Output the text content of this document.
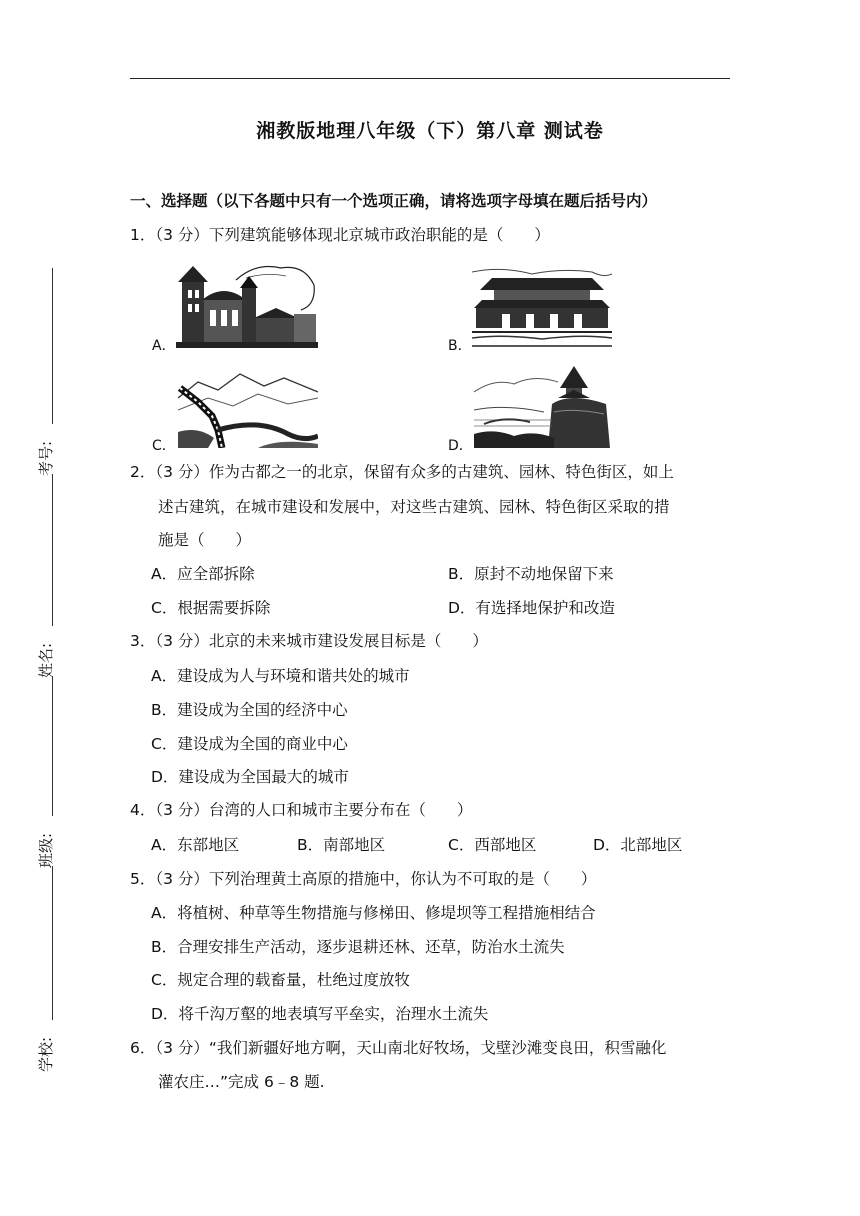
湘教版地理八年级（下）第八章 测试卷
一、选择题（以下各题中只有一个选项正确，请将选项字母填在题后括号内）
考号:
姓名:
班级:
学校:
1．（3 分）下列建筑能够体现北京城市政治职能的是（　　）
A．	B．
C．	D．
2．（3 分）作为古都之一的北京，保留有众多的古建筑、园林、特色街区，如上
述古建筑，在城市建设和发展中，对这些古建筑、园林、特色街区采取的措
施是（　　）
A．应全部拆除	B．原封不动地保留下来
C．根据需要拆除	D．有选择地保护和改造
3．（3 分）北京的未来城市建设发展目标是（　　）
A．建设成为人与环境和谐共处的城市
B．建设成为全国的经济中心
C．建设成为全国的商业中心
D．建设成为全国最大的城市
4．（3 分）台湾的人口和城市主要分布在（　　）
A．东部地区	B．南部地区	C．西部地区	D．北部地区
5．（3 分）下列治理黄土高原的措施中，你认为不可取的是（　　）
A．将植树、种草等生物措施与修梯田、修堤坝等工程措施相结合
B．合理安排生产活动，逐步退耕还林、还草，防治水土流失
C．规定合理的载畜量，杜绝过度放牧
D．将千沟万壑的地表填写平垒实，治理水土流失
6．（3 分）“我们新疆好地方啊，天山南北好牧场，戈壁沙滩变良田，积雪融化
灌农庄…”完成 6﹣8 题.
